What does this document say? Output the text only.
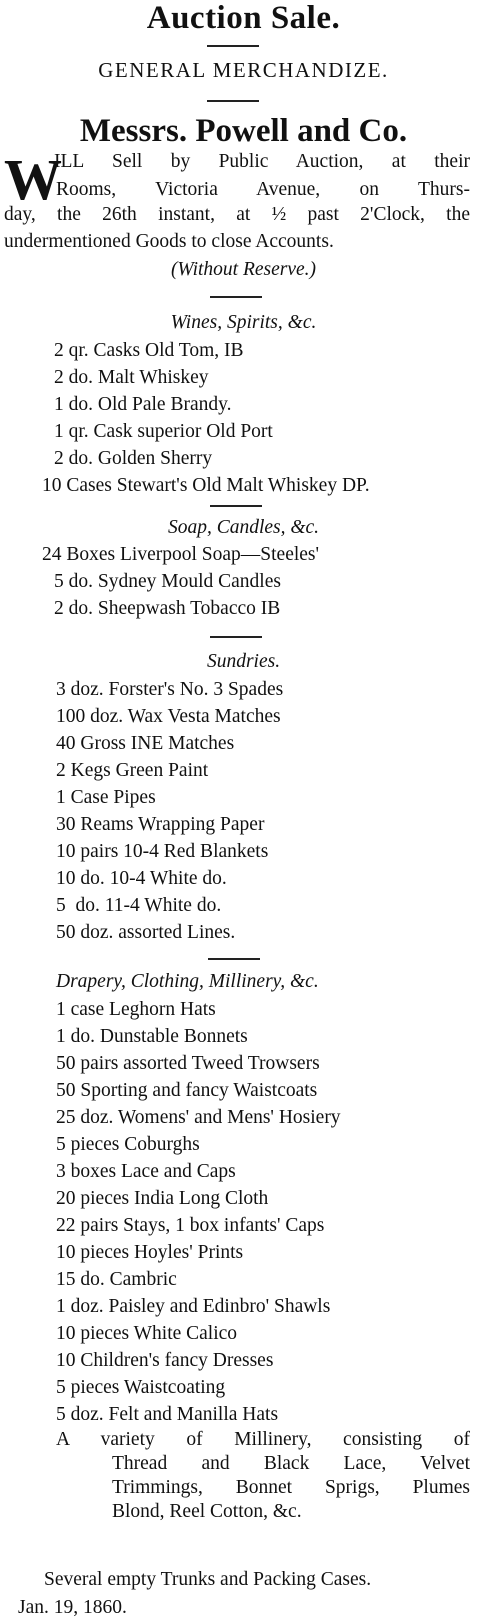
Auction Sale.
GENERAL MERCHANDIZE.
Messrs. Powell and Co.
W
ILL Sell by Public Auction, at their
Rooms, Victoria Avenue, on Thurs-
day, the 26th instant, at ½ past 2'Clock, the
undermentioned Goods to close Accounts.
(Without Reserve.)
Wines, Spirits, &c.
2 qr. Casks Old Tom, IB
2 do. Malt Whiskey
1 do. Old Pale Brandy.
1 qr. Cask superior Old Port
2 do. Golden Sherry
10 Cases Stewart's Old Malt Whiskey DP.
Soap, Candles, &c.
24 Boxes Liverpool Soap—Steeles'
5 do. Sydney Mould Candles
2 do. Sheepwash Tobacco IB
Sundries.
3 doz. Forster's No. 3 Spades
100 doz. Wax Vesta Matches
40 Gross INE Matches
2 Kegs Green Paint
1 Case Pipes
30 Reams Wrapping Paper
10 pairs 10-4 Red Blankets
10 do. 10-4 White do.
5  do. 11-4 White do.
50 doz. assorted Lines.
Drapery, Clothing, Millinery, &c.
1 case Leghorn Hats
1 do. Dunstable Bonnets
50 pairs assorted Tweed Trowsers
50 Sporting and fancy Waistcoats
25 doz. Womens' and Mens' Hosiery
5 pieces Coburghs
3 boxes Lace and Caps
20 pieces India Long Cloth
22 pairs Stays, 1 box infants' Caps
10 pieces Hoyles' Prints
15 do. Cambric
1 doz. Paisley and Edinbro' Shawls
10 pieces White Calico
10 Children's fancy Dresses
5 pieces Waistcoating
5 doz. Felt and Manilla Hats
A variety of Millinery, consisting of
Thread and Black Lace, Velvet
Trimmings, Bonnet Sprigs, Plumes
Blond, Reel Cotton, &c.
Several empty Trunks and Packing Cases.
Jan. 19, 1860.
